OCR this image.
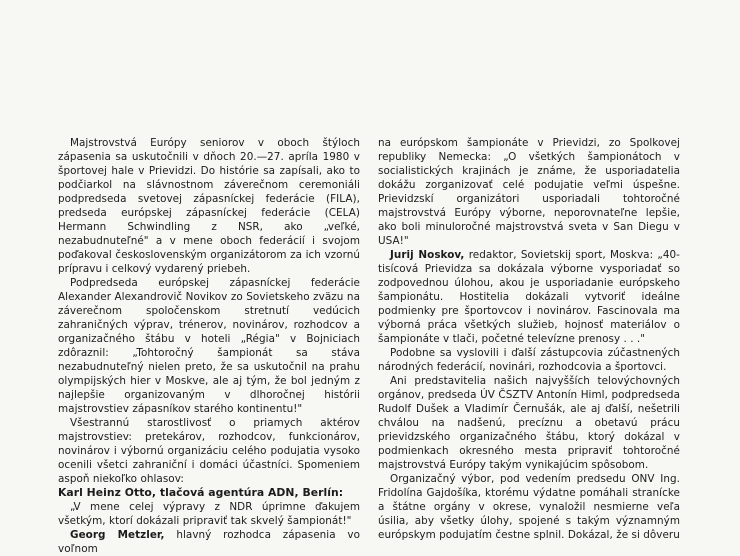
Majstrovstvá Európy seniorov v oboch štýloch zápasenia sa uskutočnili v dňoch 20.—27. apríla 1980 v športovej hale v Prievidzi. Do histórie sa zapísali, ako to podčiarkol na slávnostnom záverečnom ceremoniáli podpredseda svetovej zápasníckej federácie (FILA), predseda európskej zápasníckej federácie (CELA) Hermann Schwindling z NSR, ako „veľké, nezabudnuteľné" a v mene oboch federácií i svojom poďakoval československým organizátorom za ich vzornú prípravu i celkový vydarený priebeh.

Podpredseda európskej zápasníckej federácie Alexander Alexandrovič Novikov zo Sovietskeho zväzu na záverečnom spoločenskom stretnutí vedúcich zahraničných výprav, trénerov, novinárov, rozhodcov a organizačného štábu v hoteli „Régia" v Bojniciach zdôraznil: „Tohtoročný šampionát sa stáva nezabudnuteľný nielen preto, že sa uskutočnil na prahu olympijských hier v Moskve, ale aj tým, že bol jedným z najlepšie organizovaným v dlhoročnej histórii majstrovstiev zápasníkov starého kontinentu!"

Všestrannú starostlivosť o priamych aktérov majstrovstiev: pretekárov, rozhodcov, funkcionárov, novinárov i výbornú organizáciu celého podujatia vysoko ocenili všetci zahraniční i domáci účastníci. Spomeniem aspoň niekoľko ohlasov:

Karl Heinz Otto, tlačová agentúra ADN, Berlín:

„V mene celej výpravy z NDR úprimne ďakujem všetkým, ktorí dokázali pripraviť tak skvelý šampionát!"

Georg Metzler, hlavný rozhodca zápasenia vo voľnom

na európskom šampionáte v Prievidzi, zo Spolkovej republiky Nemecka: „O všetkých šampionátoch v socialistických krajinách je známe, že usporiadatelia dokážu zorganizovať celé podujatie veľmi úspešne. Prievidzskí organizátori usporiadali tohtoročné majstrovstvá Európy výborne, neporovnateľne lepšie, ako boli minuloročné majstrovstvá sveta v San Diegu v USA!"

Jurij Noskov, redaktor, Sovietskij sport, Moskva: „40-tisícová Prievidza sa dokázala výborne vysporiadať so zodpovednou úlohou, akou je usporiadanie európskeho šampionátu. Hostitelia dokázali vytvoriť ideálne podmienky pre športovcov i novinárov. Fascinovala ma výborná práca všetkých služieb, hojnosť materiálov o šampionáte v tlači, početné televízne prenosy . . ."

Podobne sa vyslovili i ďalší zástupcovia zúčastnených národných federácií, novinári, rozhodcovia a športovci.

Ani predstavitelia našich najvyšších telovýchovných orgánov, predseda ÚV ČSZTV Antonín Himl, podpredseda Rudolf Dušek a Vladimír Černušák, ale aj ďalší, nešetrili chválou na nadšenú, precíznu a obetavú prácu prievidzského organizačného štábu, ktorý dokázal v podmienkach okresného mesta pripraviť tohtoročné majstrovstvá Európy takým vynikajúcim spôsobom.

Organizačný výbor, pod vedením predsedu ONV Ing. Fridolína Gajdošíka, ktorému výdatne pomáhali stranícke a štátne orgány v okrese, vynaložil nesmierne veľa úsilia, aby všetky úlohy, spojené s takým významným európskym podujatím čestne splnil. Dokázal, že si dôveru
